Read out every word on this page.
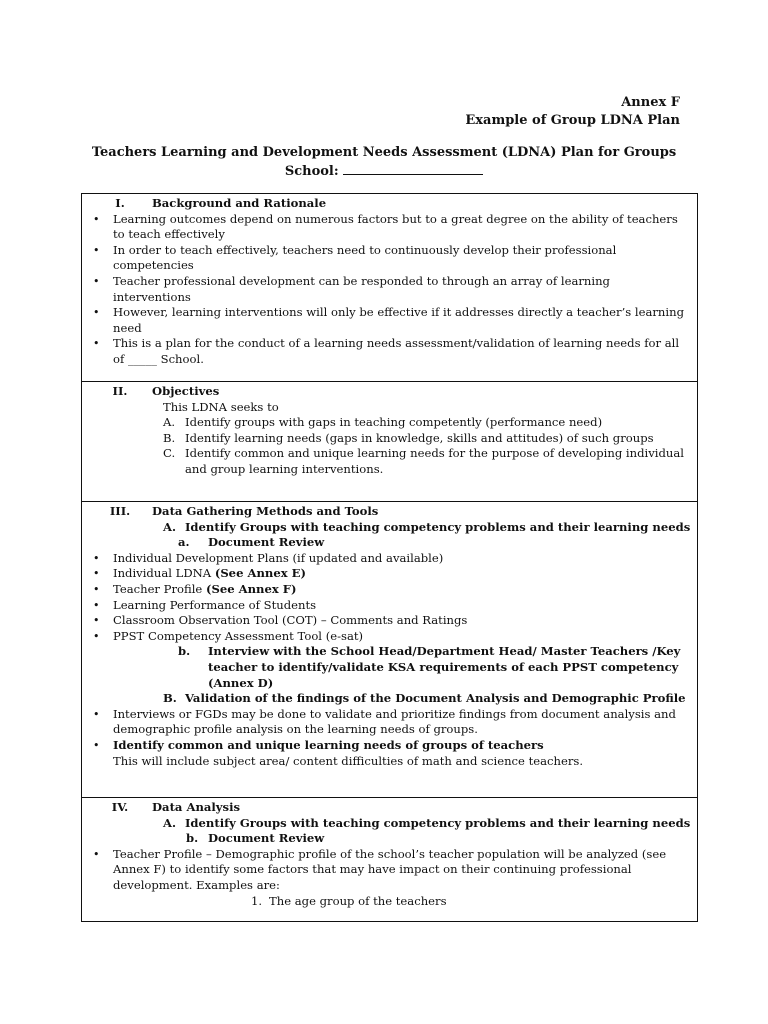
Annex F
Example of Group LDNA Plan
Teachers Learning and Development Needs Assessment (LDNA) Plan for Groups
School:
I.	Background and Rationale
• Learning outcomes depend on numerous factors but to a great degree on the ability of teachers to teach effectively
• In order to teach effectively, teachers need to continuously develop their professional competencies
• Teacher professional development can be responded to through an array of learning interventions
• However, learning interventions will only be effective if it addresses directly a teacher’s learning need
• This is a plan for the conduct of a learning needs assessment/validation of learning needs for all of _____ School.

II.	Objectives
This LDNA seeks to
A. Identify groups with gaps in teaching competently (performance need)
B. Identify learning needs (gaps in knowledge, skills and attitudes) of such groups
C. Identify common and unique learning needs for the purpose of developing individual and group learning interventions.

III.	Data Gathering Methods and Tools
A. Identify Groups with teaching competency problems and their learning needs
a.	Document Review
• Individual Development Plans (if updated and available)
• Individual LDNA (See Annex E)
• Teacher Profile (See Annex F)
• Learning Performance of Students
• Classroom Observation Tool (COT) – Comments and Ratings
• PPST Competency Assessment Tool (e-sat)
b.	Interview with the School Head/Department Head/ Master Teachers /Key teacher to identify/validate KSA requirements of each PPST competency (Annex D)
B. Validation of the findings of the Document Analysis and Demographic Profile
• Interviews or FGDs may be done to validate and prioritize findings from document analysis and demographic profile analysis on the learning needs of groups.
• Identify common and unique learning needs of groups of teachers
This will include subject area/ content difficulties of math and science teachers.

IV.	Data Analysis
A. Identify Groups with teaching competency problems and their learning needs
b. Document Review
• Teacher Profile – Demographic profile of the school’s teacher population will be analyzed (see Annex F) to identify some factors that may have impact on their continuing professional development. Examples are:
1. The age group of the teachers
